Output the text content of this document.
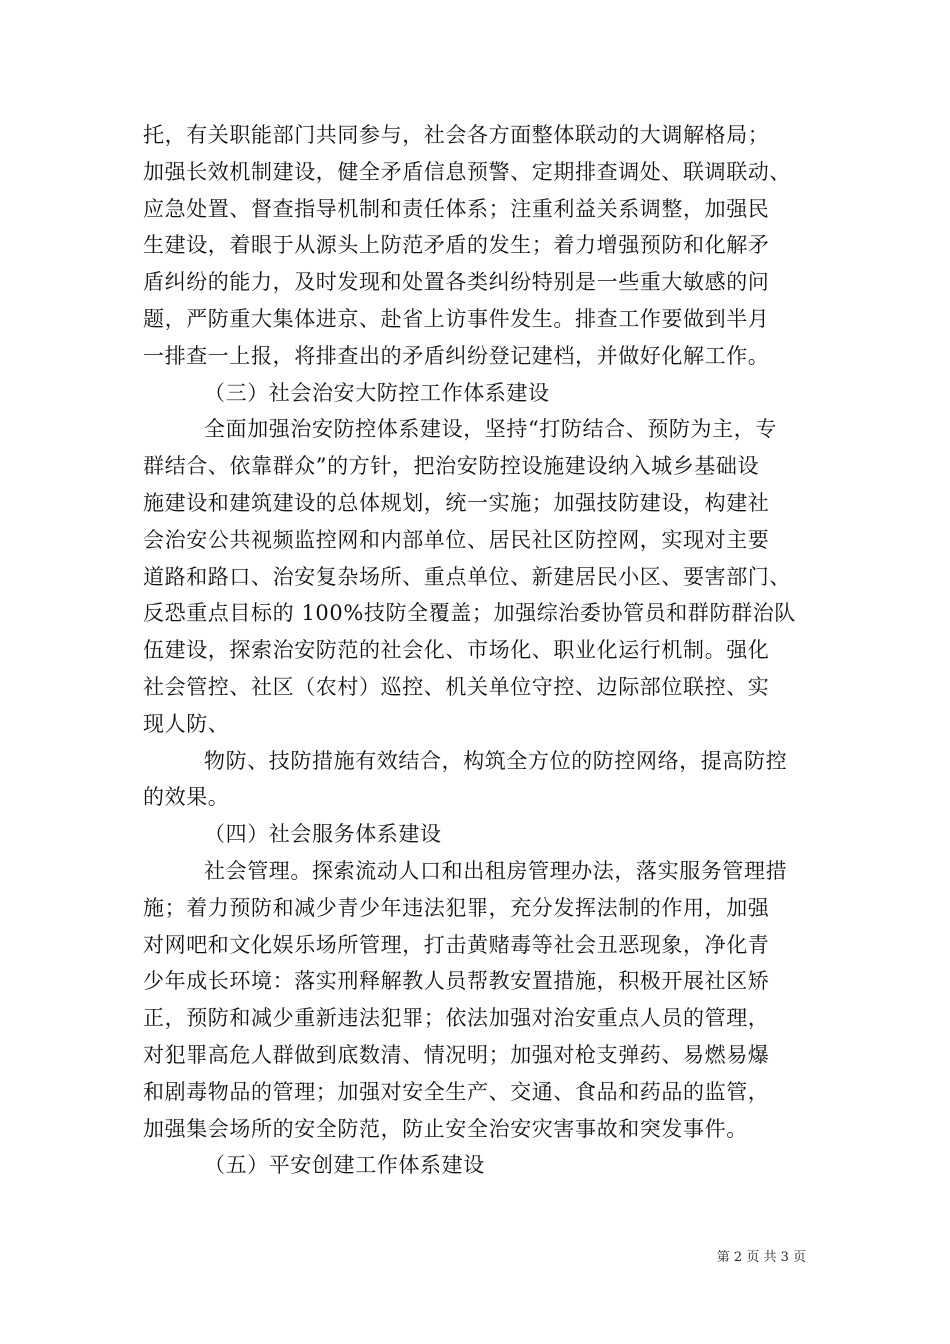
托，有关职能部门共同参与，社会各方面整体联动的大调解格局；
加强长效机制建设，健全矛盾信息预警、定期排查调处、联调联动、
应急处置、督查指导机制和责任体系；注重利益关系调整，加强民
生建设，着眼于从源头上防范矛盾的发生；着力增强预防和化解矛
盾纠纷的能力，及时发现和处置各类纠纷特别是一些重大敏感的问
题，严防重大集体进京、赴省上访事件发生。排查工作要做到半月
一排查一上报，将排查出的矛盾纠纷登记建档，并做好化解工作。
（三）社会治安大防控工作体系建设
全面加强治安防控体系建设，坚持“打防结合、预防为主，专
群结合、依靠群众”的方针，把治安防控设施建设纳入城乡基础设
施建设和建筑建设的总体规划，统一实施；加强技防建设，构建社
会治安公共视频监控网和内部单位、居民社区防控网，实现对主要
道路和路口、治安复杂场所、重点单位、新建居民小区、要害部门、
反恐重点目标的 100%技防全覆盖；加强综治委协管员和群防群治队
伍建设，探索治安防范的社会化、市场化、职业化运行机制。强化
社会管控、社区（农村）巡控、机关单位守控、边际部位联控、实
现人防、
物防、技防措施有效结合，构筑全方位的防控网络，提高防控
的效果。
（四）社会服务体系建设
社会管理。探索流动人口和出租房管理办法，落实服务管理措
施；着力预防和减少青少年违法犯罪，充分发挥法制的作用，加强
对网吧和文化娱乐场所管理，打击黄赌毒等社会丑恶现象，净化青
少年成长环境：落实刑释解教人员帮教安置措施，积极开展社区矫
正，预防和减少重新违法犯罪；依法加强对治安重点人员的管理，
对犯罪高危人群做到底数清、情况明；加强对枪支弹药、易燃易爆
和剧毒物品的管理；加强对安全生产、交通、食品和药品的监管，
加强集会场所的安全防范，防止安全治安灾害事故和突发事件。
（五）平安创建工作体系建设
第 2 页 共 3 页
